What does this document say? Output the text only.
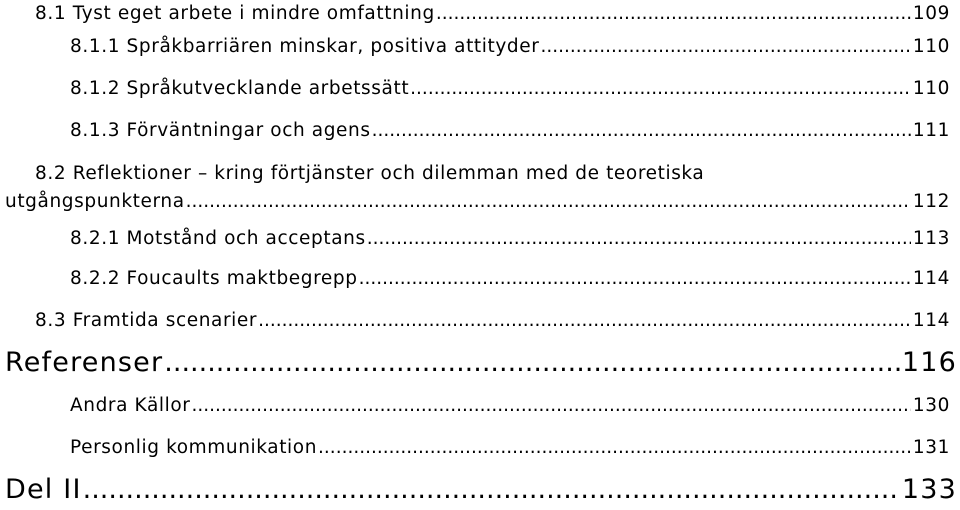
8.1 Tyst eget arbete i mindre omfattning .....	109
8.1.1 Språkbarriären minskar, positiva attityder .....	110
8.1.2 Språkutvecklande arbetssätt .....	110
8.1.3 Förväntningar och agens .....	111
8.2 Reflektioner – kring förtjänster och dilemman med de teoretiska
utgångspunkterna .....	112
8.2.1 Motstånd och acceptans .....	113
8.2.2 Foucaults maktbegrepp .....	114
8.3 Framtida scenarier .....	114
Referenser .....	116
Andra Källor .....	130
Personlig kommunikation .....	131
Del II .....	133
